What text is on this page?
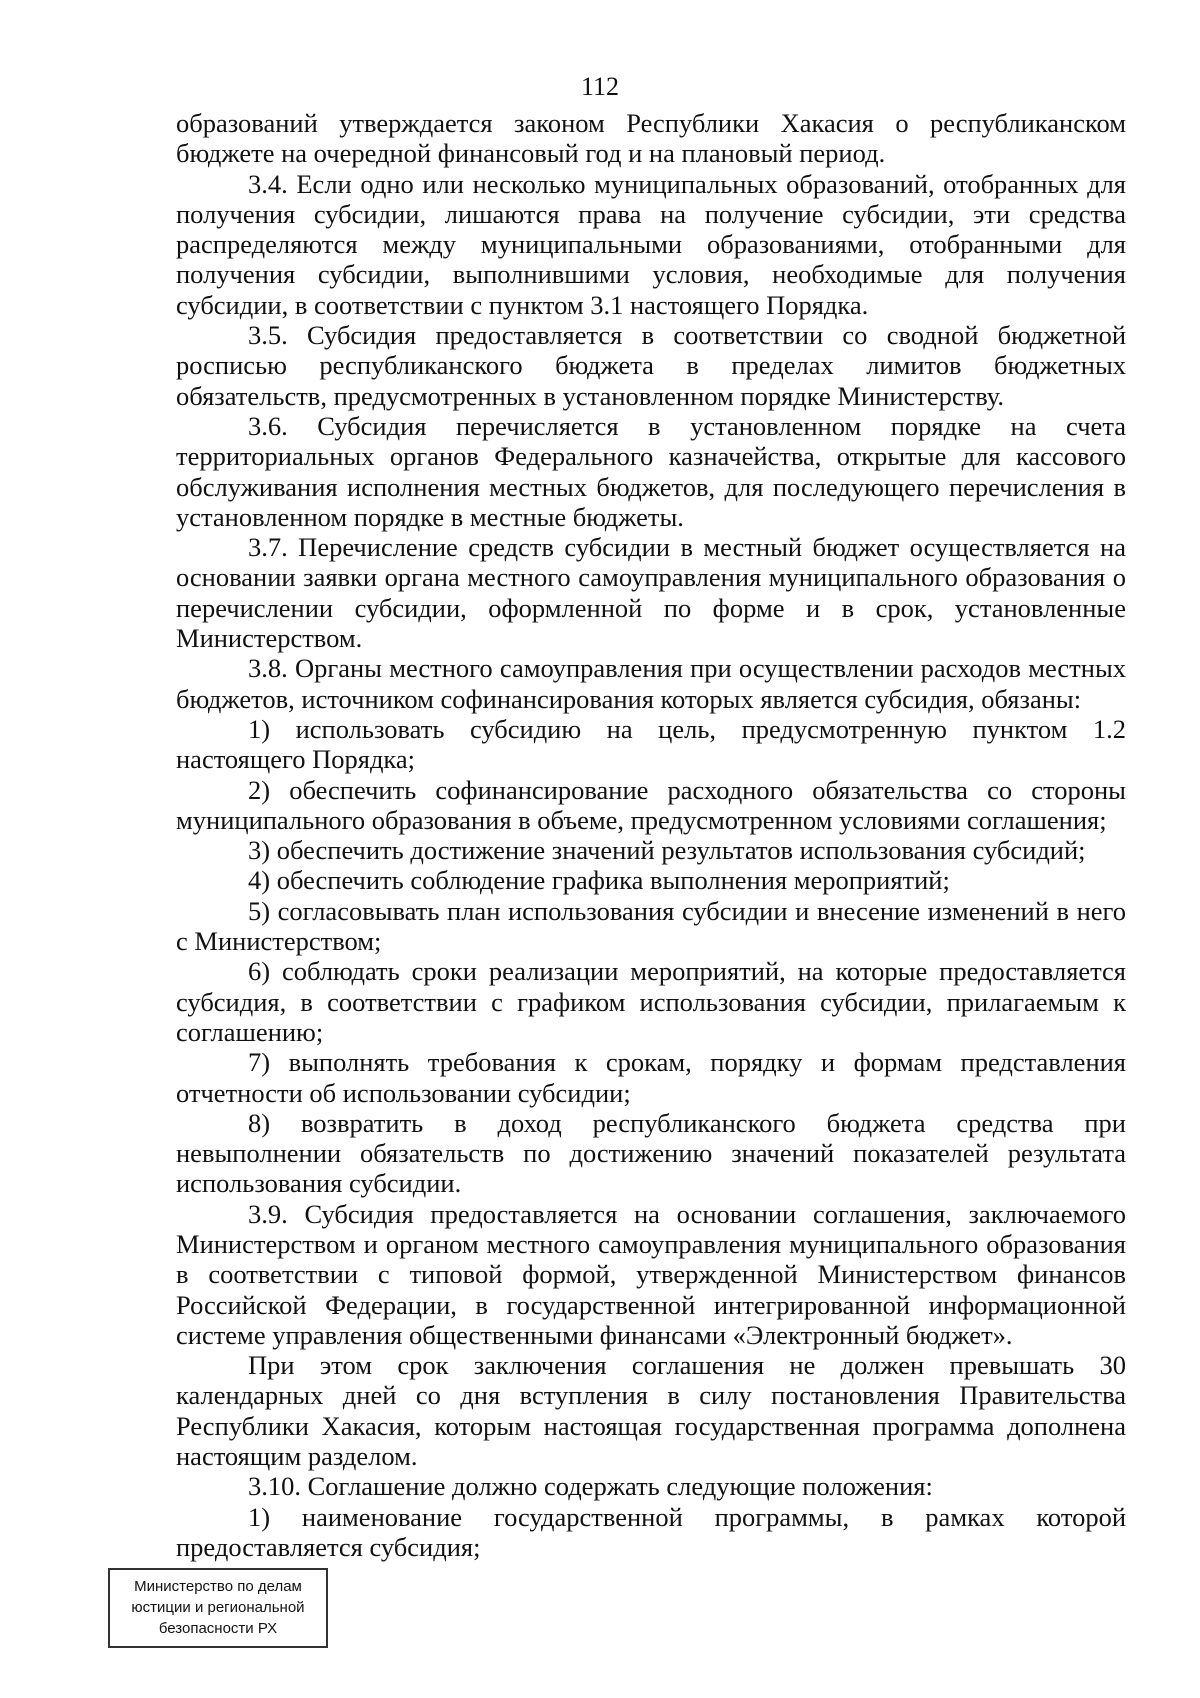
112

образований утверждается законом Республики Хакасия о республиканском бюджете на очередной финансовый год и на плановый период.

3.4. Если одно или несколько муниципальных образований, отобранных для получения субсидии, лишаются права на получение субсидии, эти средства распределяются между муниципальными образованиями, отобранными для получения субсидии, выполнившими условия, необходимые для получения субсидии, в соответствии с пунктом 3.1 настоящего Порядка.

3.5. Субсидия предоставляется в соответствии со сводной бюджетной росписью республиканского бюджета в пределах лимитов бюджетных обязательств, предусмотренных в установленном порядке Министерству.

3.6. Субсидия перечисляется в установленном порядке на счета территориальных органов Федерального казначейства, открытые для кассового обслуживания исполнения местных бюджетов, для последующего перечисления в установленном порядке в местные бюджеты.

3.7. Перечисление средств субсидии в местный бюджет осуществляется на основании заявки органа местного самоуправления муниципального образования о перечислении субсидии, оформленной по форме и в срок, установленные Министерством.

3.8. Органы местного самоуправления при осуществлении расходов местных бюджетов, источником софинансирования которых является субсидия, обязаны:

1) использовать субсидию на цель, предусмотренную пунктом 1.2 настоящего Порядка;

2) обеспечить софинансирование расходного обязательства со стороны муниципального образования в объеме, предусмотренном условиями соглашения;

3) обеспечить достижение значений результатов использования субсидий;

4) обеспечить соблюдение графика выполнения мероприятий;

5) согласовывать план использования субсидии и внесение изменений в него с Министерством;

6) соблюдать сроки реализации мероприятий, на которые предоставляется субсидия, в соответствии с графиком использования субсидии, прилагаемым к соглашению;

7) выполнять требования к срокам, порядку и формам представления отчетности об использовании субсидии;

8) возвратить в доход республиканского бюджета средства при невыполнении обязательств по достижению значений показателей результата использования субсидии.

3.9. Субсидия предоставляется на основании соглашения, заключаемого Министерством и органом местного самоуправления муниципального образования в соответствии с типовой формой, утвержденной Министерством финансов Российской Федерации, в государственной интегрированной информационной системе управления общественными финансами «Электронный бюджет».

При этом срок заключения соглашения не должен превышать 30 календарных дней со дня вступления в силу постановления Правительства Республики Хакасия, которым настоящая государственная программа дополнена настоящим разделом.

3.10. Соглашение должно содержать следующие положения:

1) наименование государственной программы, в рамках которой предоставляется субсидия;

Министерство по делам
юстиции и региональной
безопасности РХ
